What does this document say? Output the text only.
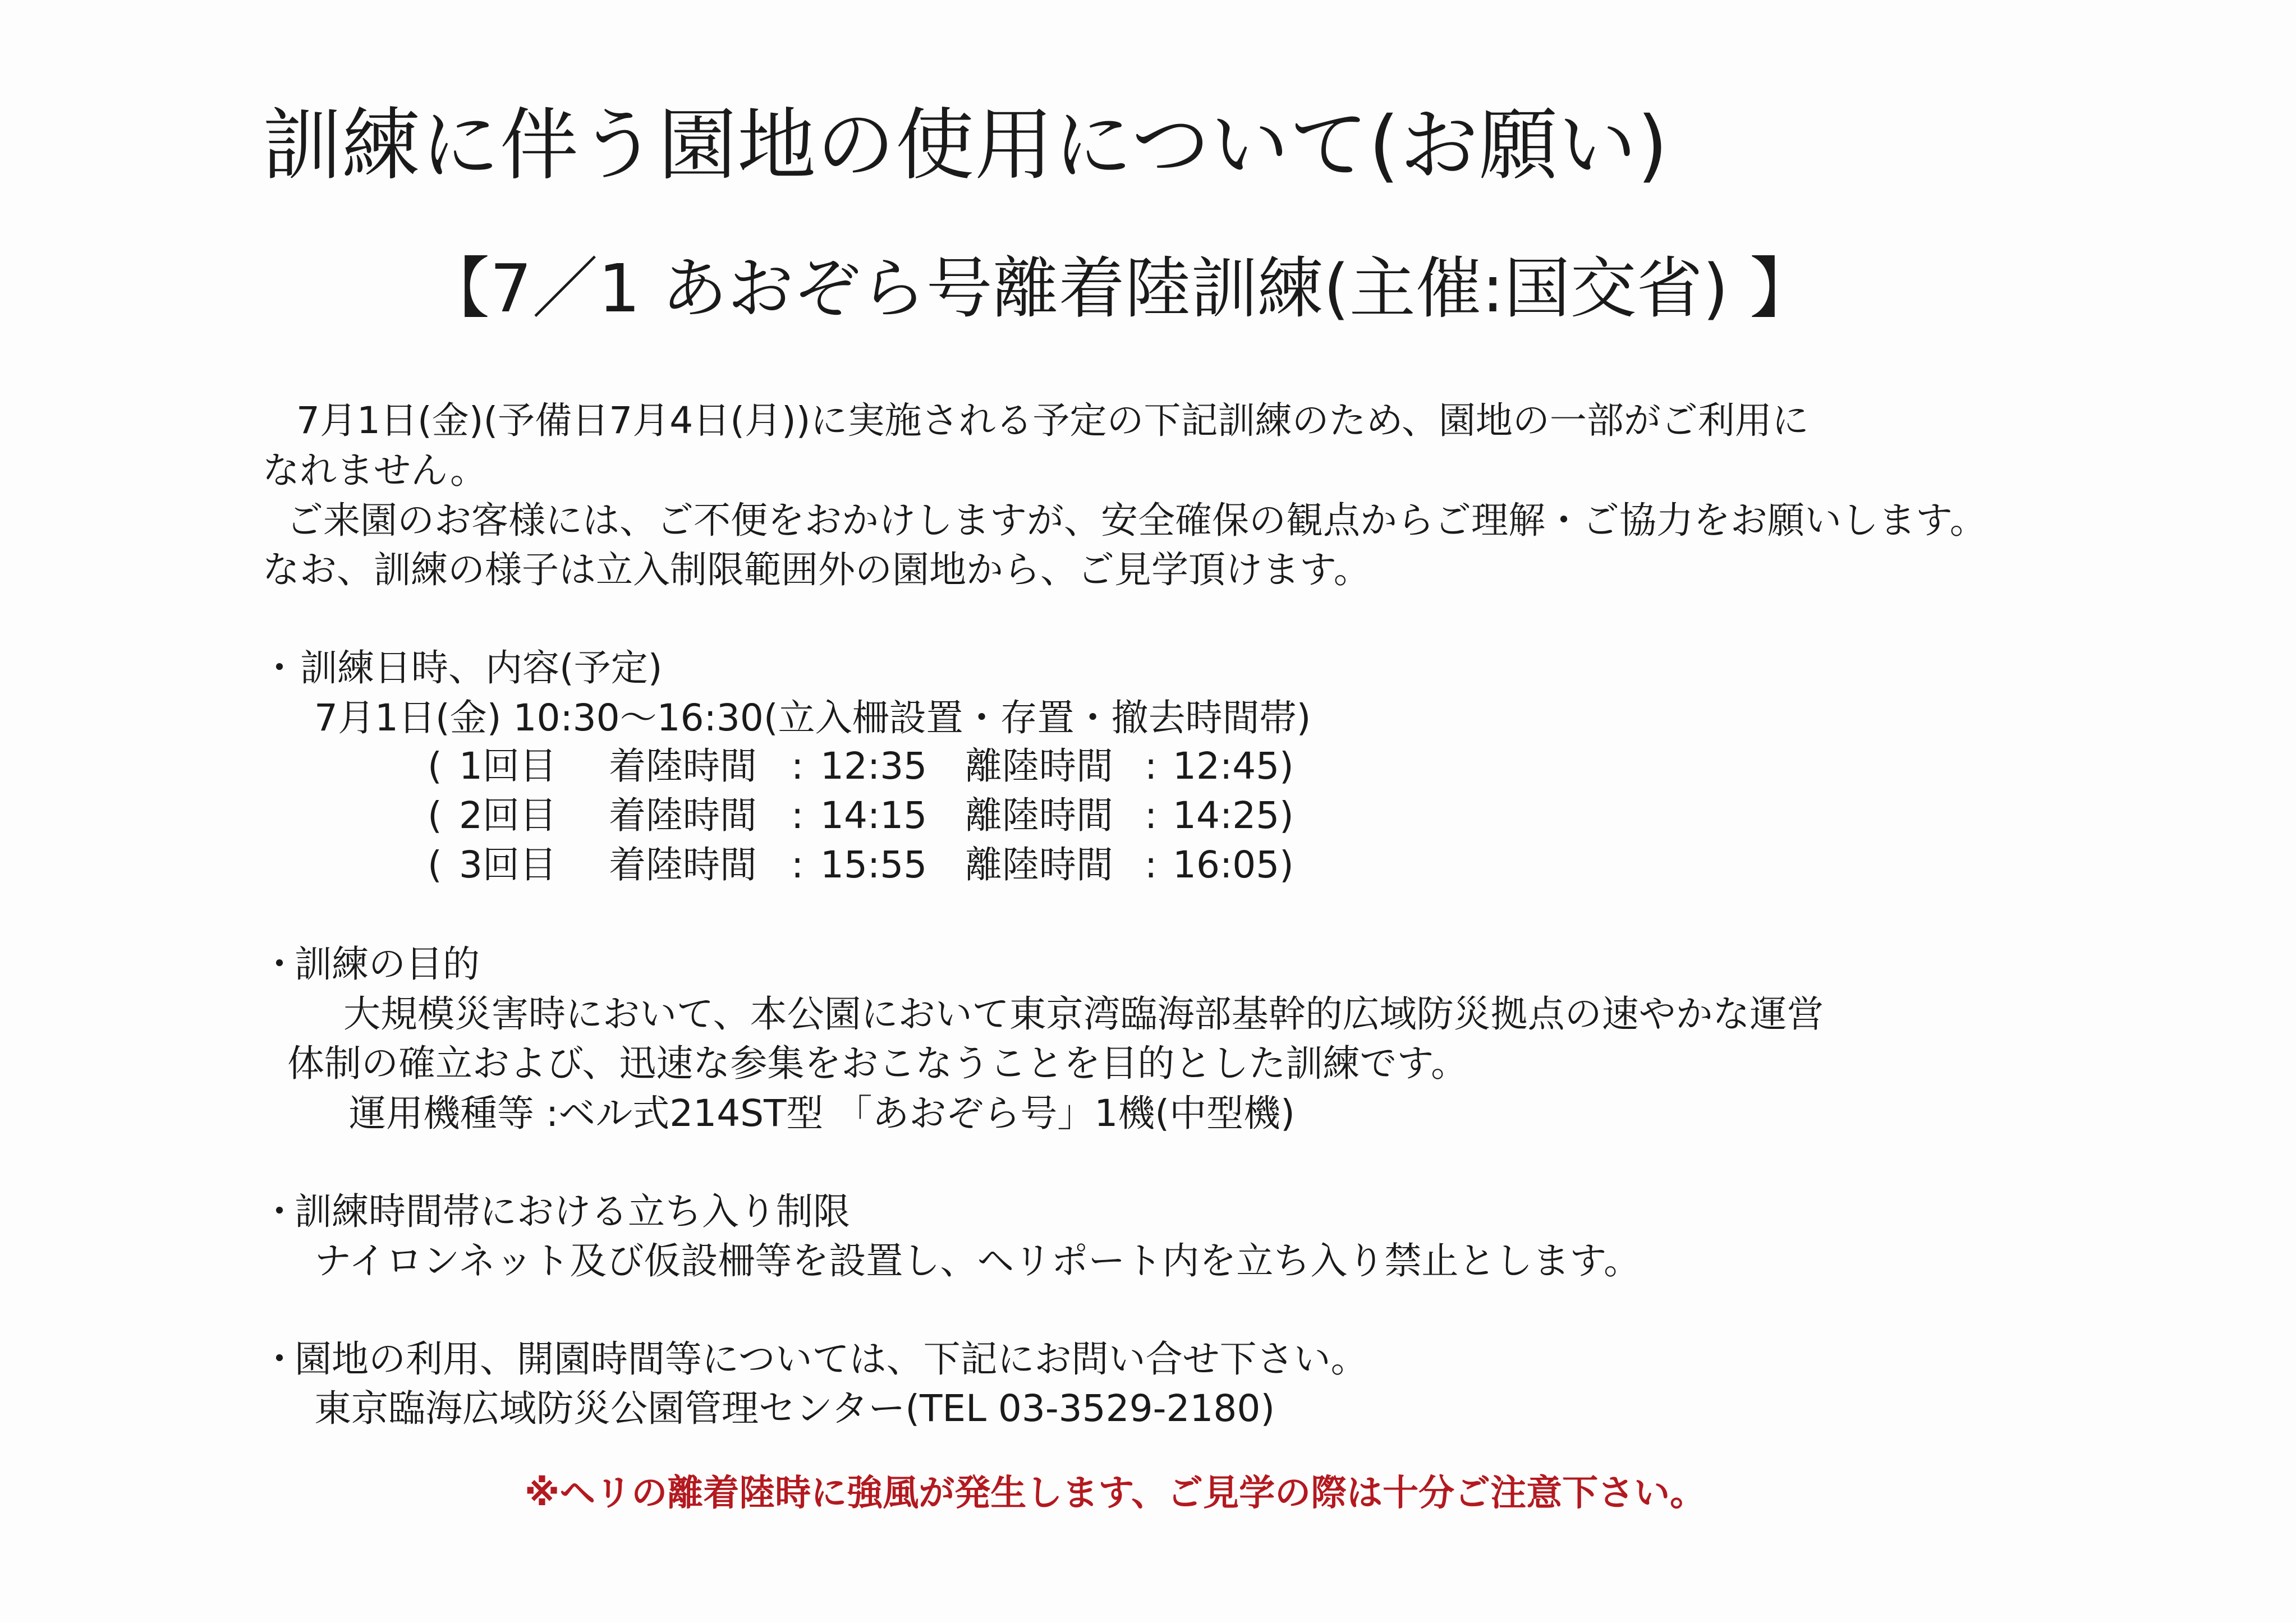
訓練に伴う園地の使用について(お願い)
【7／1 あおぞら号離着陸訓練(主催:国交省) 】
7月1日(金)(予備日7月4日(月))に実施される予定の下記訓練のため、園地の一部がご利用に
なれません。
ご来園のお客様には、ご不便をおかけしますが、安全確保の観点からご理解・ご協力をお願いします。
なお、訓練の様子は立入制限範囲外の園地から、ご見学頂けます。
・訓練日時、内容(予定)
7月1日(金) 10:30～16:30(立入柵設置・存置・撤去時間帯)
( 1回目 着陸時間 : 12:35 離陸時間 : 12:45 )
( 2回目 着陸時間 : 14:15 離陸時間 : 14:25 )
( 3回目 着陸時間 : 15:55 離陸時間 : 16:05 )
・訓練の目的
大規模災害時において、本公園において東京湾臨海部基幹的広域防災拠点の速やかな運営
体制の確立および、迅速な参集をおこなうことを目的とした訓練です。
運用機種等 :ベル式214ST型 「あおぞら号」1機(中型機)
・訓練時間帯における立ち入り制限
ナイロンネット及び仮設柵等を設置し、ヘリポート内を立ち入り禁止とします。
・園地の利用、開園時間等については、下記にお問い合せ下さい。
東京臨海広域防災公園管理センター(TEL 03-3529-2180)
※ヘリの離着陸時に強風が発生します、ご見学の際は十分ご注意下さい。
